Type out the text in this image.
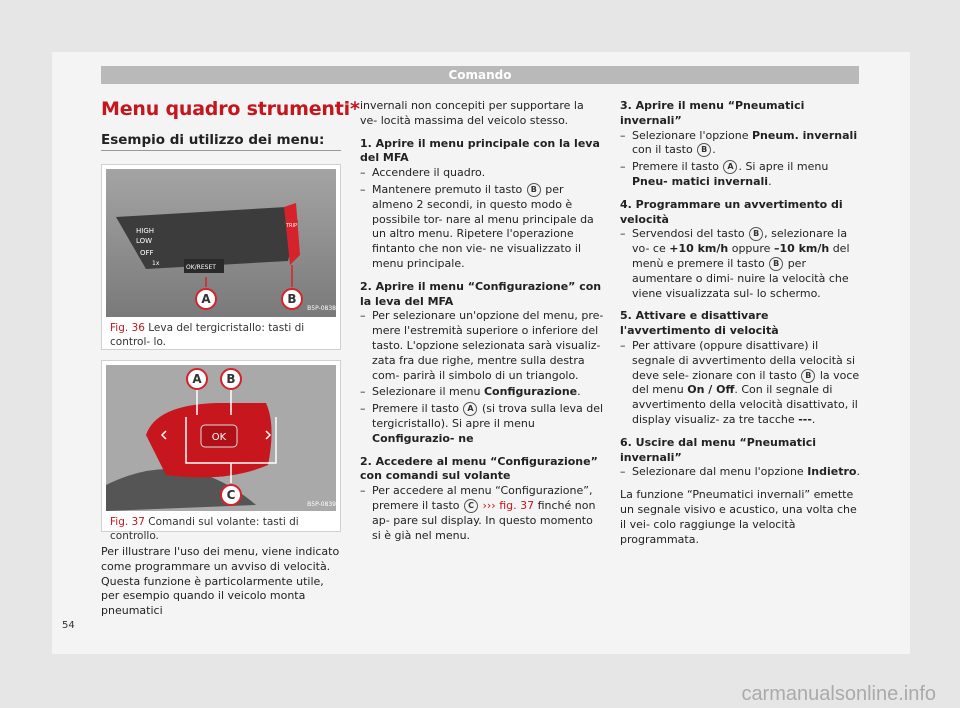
Comando
Menu quadro strumenti*
Esempio di utilizzo dei menu:
HIGH
LOW
OFF
1x
TRIP
OK/RESET
A	B
B5P-0838
Fig. 36 Leva del tergicristallo: tasti di control- lo.
OK
A B
C
B5P-0839
Fig. 37 Comandi sul volante: tasti di controllo.

Per illustrare l'uso dei menu, viene indicato come programmare un avviso di velocità. Questa funzione è particolarmente utile, per esempio quando il veicolo monta pneumatici

invernali non concepiti per supportare la ve- locità massima del veicolo stesso.

1. Aprire il menu principale con la leva del MFA

– Accendere il quadro.
– Mantenere premuto il tasto B per almeno 2 secondi, in questo modo è possibile tor- nare al menu principale da un altro menu. Ripetere l'operazione fintanto che non vie- ne visualizzato il menu principale.

2. Aprire il menu “Configurazione” con la leva del MFA

– Per selezionare un'opzione del menu, pre- mere l'estremità superiore o inferiore del tasto. L'opzione selezionata sarà visualiz- zata fra due righe, mentre sulla destra com- parirà il simbolo di un triangolo.
– Selezionare il menu Configurazione.
– Premere il tasto A (si trova sulla leva del tergicristallo). Si apre il menu Configurazio- ne

2. Accedere al menu “Configurazione” con comandi sul volante

– Per accedere al menu “Configurazione”, premere il tasto C ››› fig. 37 finché non ap- pare sul display. In questo momento si è già nel menu.

3. Aprire il menu “Pneumatici invernali”

– Selezionare l'opzione Pneum. invernali con il tasto B .
– Premere il tasto A . Si apre il menu Pneu- matici invernali.

4. Programmare un avvertimento di velocità

– Servendosi del tasto B , selezionare la vo- ce +10 km/h oppure –10 km/h del menù e premere il tasto B per aumentare o dimi- nuire la velocità che viene visualizzata sul- lo schermo.

5. Attivare e disattivare l'avvertimento di velocità

– Per attivare (oppure disattivare) il segnale di avvertimento della velocità si deve sele- zionare con il tasto B la voce del menu On / Off. Con il segnale di avvertimento della velocità disattivato, il display visualiz- za tre tacche ---.

6. Uscire dal menu “Pneumatici invernali”

– Selezionare dal menu l'opzione Indietro.

La funzione “Pneumatici invernali” emette un segnale visivo e acustico, una volta che il vei- colo raggiunge la velocità programmata.

54
carmanualsonline.info
